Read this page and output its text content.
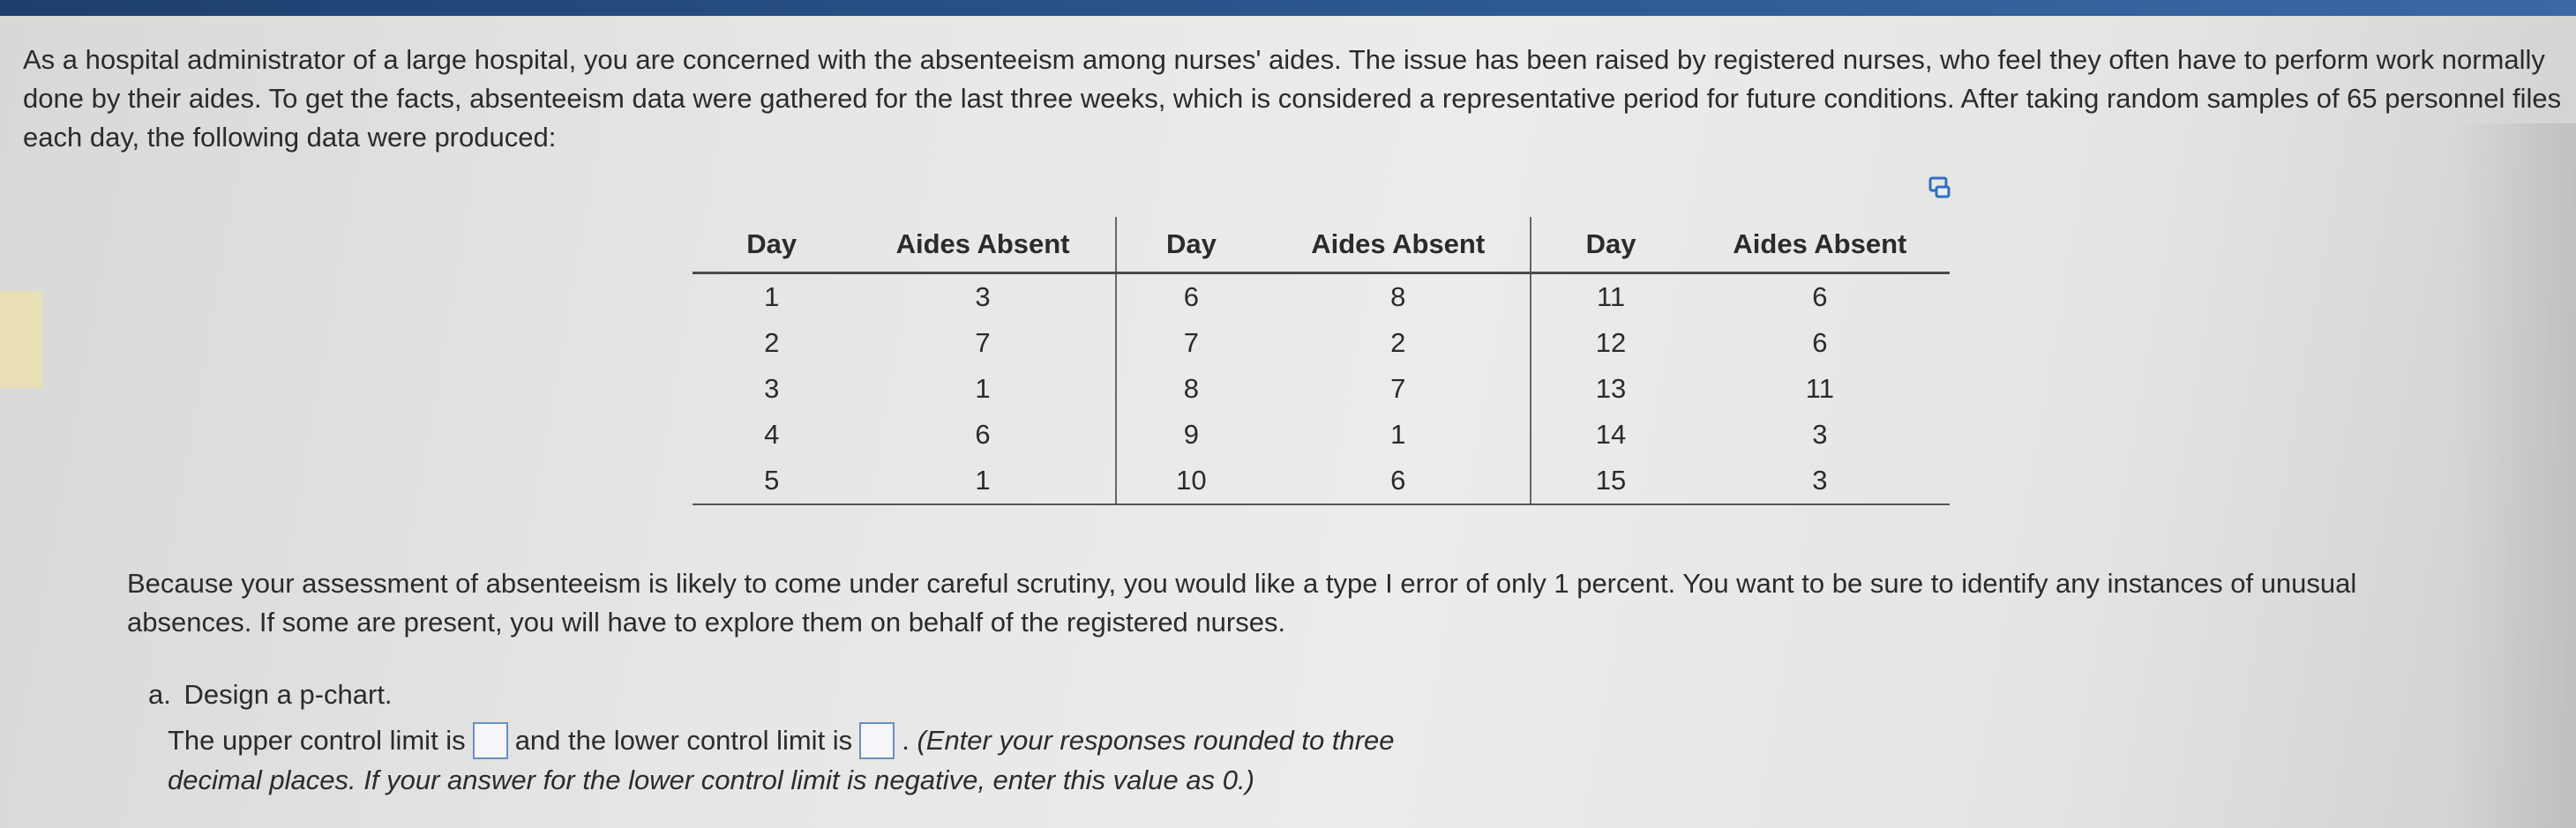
As a hospital administrator of a large hospital, you are concerned with the absenteeism among nurses' aides. The issue has been raised by registered nurses, who feel they often have to perform work normally done by their aides. To get the facts, absenteeism data were gathered for the last three weeks, which is considered a representative period for future conditions. After taking random samples of 65 personnel files each day, the following data were produced:
Day	Aides Absent	Day	Aides Absent	Day	Aides Absent
1	3	6	8	11	6
2	7	7	2	12	6
3	1	8	7	13	11
4	6	9	1	14	3
5	1	10	6	15	3
Because your assessment of absenteeism is likely to come under careful scrutiny, you would like a type I error of only 1 percent. You want to be sure to identify any instances of unusual absences. If some are present, you will have to explore them on behalf of the registered nurses.
a. Design a p-chart.
The upper control limit is and the lower control limit is . (Enter your responses rounded to three decimal places. If your answer for the lower control limit is negative, enter this value as 0.)
